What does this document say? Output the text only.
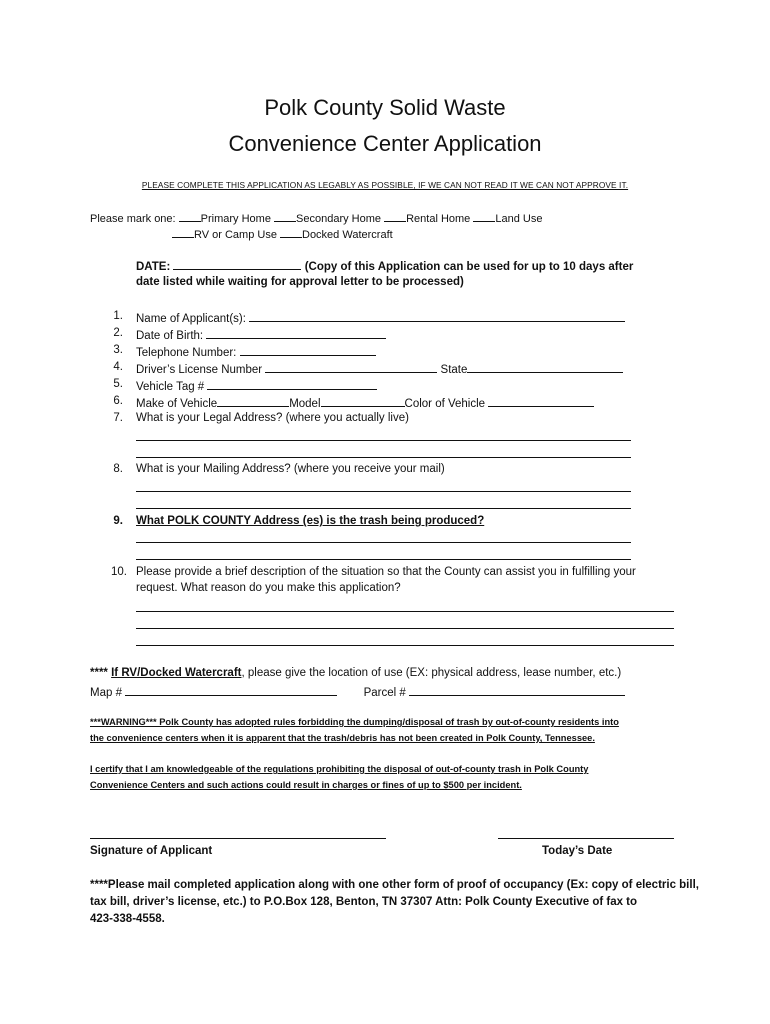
Polk County Solid Waste
Convenience Center Application
PLEASE COMPLETE THIS APPLICATION AS LEGABLY AS POSSIBLE, IF WE CAN NOT READ IT WE CAN NOT APPROVE IT.
Please mark one: Primary Home Secondary Home Rental Home Land Use
RV or Camp Use Docked Watercraft
DATE:	(Copy of this Application can be used for up to 10 days after
date listed while waiting for approval letter to be processed)
1. Name of Applicant(s):
2. Date of Birth:
3. Telephone Number:
4. Driver’s License Number	State
5. Vehicle Tag #
6. Make of Vehicle	Model	Color of Vehicle
7. What is your Legal Address? (where you actually live)
8. What is your Mailing Address? (where you receive your mail)
9. What POLK COUNTY Address (es) is the trash being produced?
10. Please provide a brief description of the situation so that the County can assist you in fulfilling your
request. What reason do you make this application?
**** If RV/Docked Watercraft, please give the location of use (EX: physical address, lease number, etc.)
Map #	Parcel #
***WARNING*** Polk County has adopted rules forbidding the dumping/disposal of trash by out-of-county residents into
the convenience centers when it is apparent that the trash/debris has not been created in Polk County, Tennessee.
I certify that I am knowledgeable of the regulations prohibiting the disposal of out-of-county trash in Polk County
Convenience Centers and such actions could result in charges or fines of up to $500 per incident.
Signature of Applicant	Today’s Date
****Please mail completed application along with one other form of proof of occupancy (Ex: copy of electric bill,
tax bill, driver’s license, etc.) to P.O.Box 128, Benton, TN 37307 Attn: Polk County Executive of fax to
423-338-4558.
